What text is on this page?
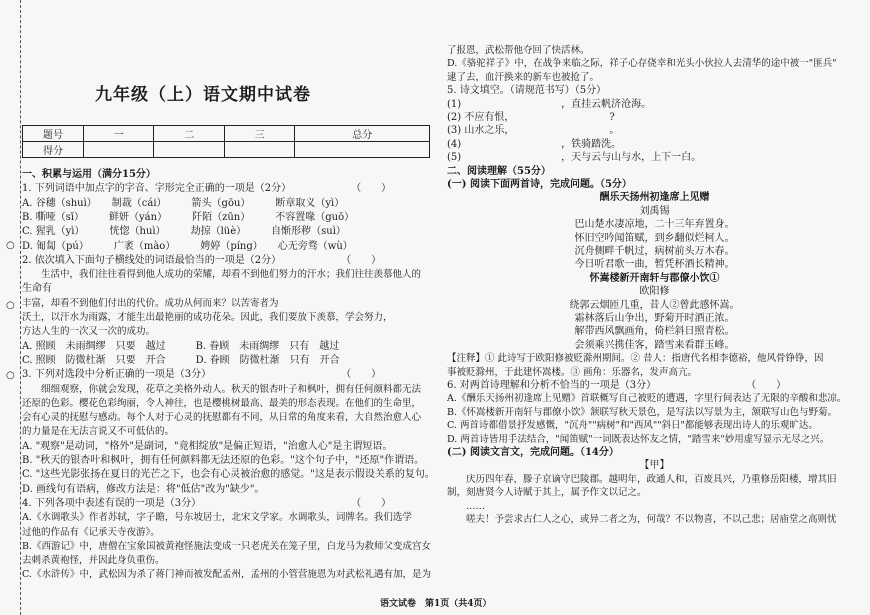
○
○
○
九年级（上）语文期中试卷
题号	一	二	三	总分
得分				
一、积累与运用（满分15分）
1. 下列词语中加点字的字音、字形完全正确的一项是（2分）　　　　　　　（　　）
A. 谷穗（shuì）　　制裁（cái）　　　箭头（gōu）　　　断章取义（yì）
B. 嘶哑（sī）　　　鲜妍（yán）　　　阡陌（zūn）　　　不容置喙（guō）
C. 猩乳（yì）　　　恍惚（huì）　　　劫掠（lüè）　　　自惭形秽（suì）
D. 匍匐（pú）　　　广袤（mào）　　　娉婷（píng）　　心无旁骛（wù）
2. 依次填入下面句子横线处的词语最恰当的一项是（2分）　　　　　　　（　　）
　　生活中，我们往往看得到他人成功的荣耀，却看不到他们努力的汗水；我们往往羡慕他人的
生命有
丰富，却看不到他们付出的代价。成功从何而来？以苦寄者为
沃土，以汗水为雨露，才能生出最艳丽的成功花朵。因此，我们要放下羡慕，学会努力，
方达人生的一次又一次的成功。
A. 照顾　未雨绸缪　只要　越过　　　B. 眷顾　未雨绸缪　只有　越过
C. 照顾　防微杜渐　只要　开合　　　D. 眷顾　防微杜渐　只有　开合
3. 下列对选段中分析正确的一项是（3分）　　　　　　　　　　　　　　（　　）
　　细细观察，你就会发现，花草之美格外动人。秋天的银杏叶子和枫叶，拥有任何颜料都无法
还原的色彩。樱花色彩绚丽，令人神往，也是樱桃树最高、最美的形态表现。在他们的生命里，
会有心灵的抚慰与感动。每个人对于心灵的抚慰都有不同，从日常的角度来看，大自然治愈人心
的力量是在无法言说又不可低估的。
A. "观察"是动词，"格外"是副词，"竟相绽放"是偏正短语，"治愈人心"是主谓短语。
B. "秋天的银杏叶和枫叶，拥有任何颜料都无法还原的色彩。"这个句子中，"还原"作谓语。
C. "这些光影张扬在夏日的光芒之下，也会有心灵被治愈的感觉。"这是表示假设关系的复句。
D. 画线句有语病，修改方法是：将"低估"改为"缺少"。
4. 下列各项中表述有误的一项是（3分）　　　　　　　　　　　　　　　　（　　）
A.《水调歌头》作者苏轼，字子瞻，号东坡居士，北宋文学家。水调歌头，词牌名。我们选学
过他的作品有《记承天寺夜游》。
B.《西游记》中，唐僧在宝象国被黄袍怪施法变成一只老虎关在笼子里，白龙马为救师父变成宫女
去刺杀黄袍怪，并因此身负重伤。
C.《水浒传》中，武松因为杀了蒋门神而被发配孟州，孟州的小管营施恩为对武松礼遇有加，是为
了报恩，武松帮他夺回了快活林。
D.《骆驼祥子》中，在战争来临之际，祥子心存侥幸和光头小伙拉人去清华的途中被一"匪兵"
逮了去，血汗换来的新车也被抢了。
5. 诗文填空。（请规范书写）（5分）
(1)　　　　　　　　　　，直挂云帆济沧海。
(2) 不应有恨，　　　　　　　　　　?
(3) 山水之乐，　　　　　　　　　　。
(4)　　　　　　　　　　，铁骑踏洗。
(5)　　　　　　　　　　，天与云与山与水，上下一白。
二、阅读理解（55分）
(一) 阅读下面两首诗，完成问题。（5分）
酬乐天扬州初逢席上见赠
刘禹锡
巴山楚水凄凉地，二十三年弃置身。
怀旧空吟闻笛赋，到乡翻似烂柯人。
沉舟侧畔千帆过，病树前头万木春。
今日听君歌一曲，暂凭杯酒长精神。
怀嵩楼新开南轩与郡僚小饮①
欧阳修
绕郭云烟匝几重，昔人②曾此感怀嵩。
霜林落后山争出，野菊开时酒正浓。
解带西风飘画角，倚栏斜日照青松。
会须乘兴携佳客，踏雪来看群玉峰。
【注释】① 此诗写于欧阳修被贬滁州期间。② 昔人：指唐代名相李德裕，他风骨铮铮，因
事被贬滁州，于此建怀嵩楼。③ 画角：乐器名，发声高亢。
6. 对两首诗理解和分析不恰当的一项是（3分）　　　　　　　　　　（　　）
A.《酬乐天扬州初逢席上见赠》首联概写自己被贬的遭遇，字里行间表达了无限的辛酸和悲凉。
B.《怀嵩楼新开南轩与郡僚小饮》颔联写秋天景色，是写法以写景为主，颔联写山色与野菊。
C. 两首诗都借景抒发感慨，"沉舟""病树"和"西风""斜日"都能够表现出诗人的乐观旷达。
D. 两首诗皆用手法结合，"闻笛赋"一词既表达怀友之情，"踏雪来"妙用虚写显示无尽之兴。
(二) 阅读文言文，完成问题。（14分）
【甲】
　　庆历四年春，滕子京谪守巴陵郡。越明年，政通人和，百废具兴，乃重修岳阳楼，增其旧
制，刻唐贤今人诗赋于其上，属予作文以记之。
　　……
　　嗟夫！予尝求古仁人之心，或异二者之为，何哉？不以物喜，不以己悲；居庙堂之高则忧
语文试卷　第1页（共4页）
